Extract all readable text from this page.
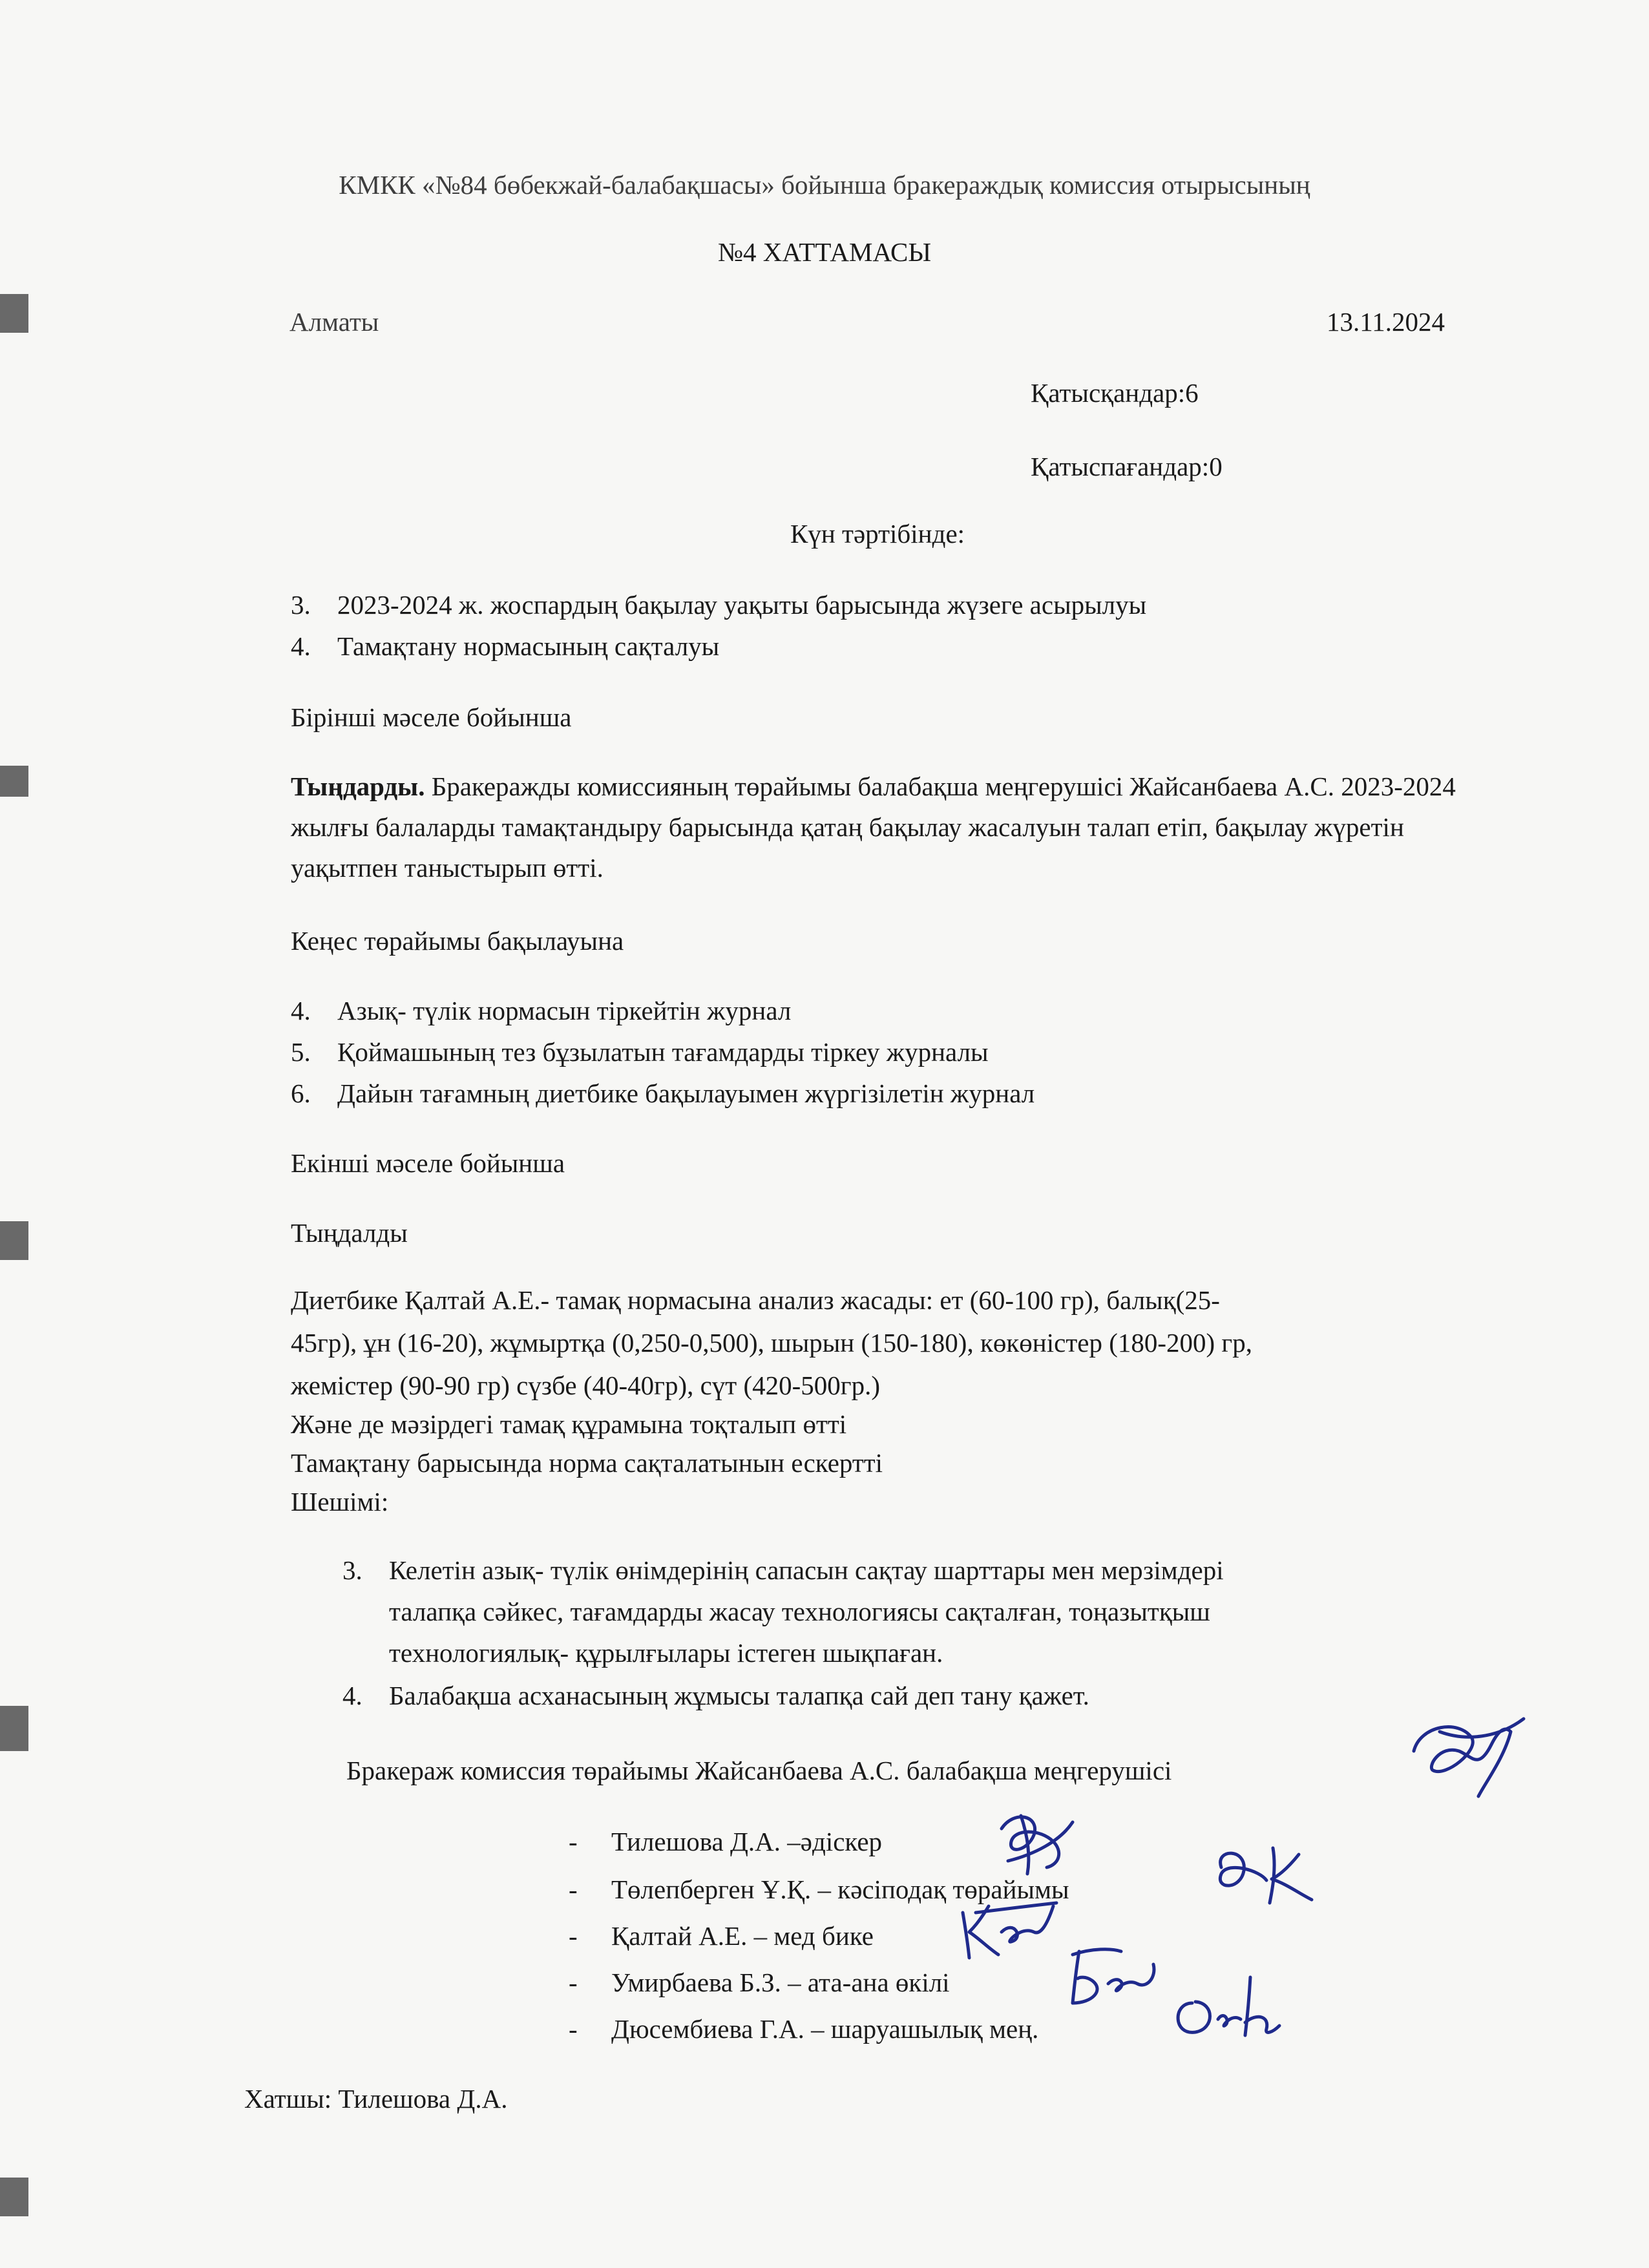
КМКК «№84 бөбекжай-балабақшасы» бойынша бракераждық комиссия отырысының
№4 ХАТТАМАСЫ
Алматы	13.11.2024
Қатысқандар:6
Қатыспағандар:0
Күн тәртібінде:
3. 2023-2024 ж. жоспардың бақылау уақыты барысында жүзеге асырылуы
4. Тамақтану нормасының сақталуы
Бірінші мәселе бойынша
Тыңдарды. Бракеражды комиссияның төрайымы балабақша меңгерушісі Жайсанбаева А.С. 2023-2024 жылғы балаларды тамақтандыру барысында қатаң бақылау жасалуын талап етіп, бақылау жүретін уақытпен таныстырып өтті.
Кеңес төрайымы бақылауына
4. Азық- түлік нормасын тіркейтін журнал
5. Қоймашының тез бұзылатын тағамдарды тіркеу журналы
6. Дайын тағамның диетбике бақылауымен жүргізілетін журнал
Екінші мәселе бойынша
Тыңдалды
Диетбике Қалтай А.Е.- тамақ нормасына анализ жасады: ет (60-100 гр), балық(25-
45гр), ұн (16-20), жұмыртқа (0,250-0,500), шырын (150-180), көкөністер (180-200) гр,
жемістер (90-90 гр) сүзбе (40-40гр), сүт (420-500гр.)
Және де мәзірдегі тамақ құрамына тоқталып өтті
Тамақтану барысында норма сақталатынын ескертті
Шешімі:
3. Келетін азық- түлік өнімдерінің сапасын сақтау шарттары мен мерзімдері
талапқа сәйкес, тағамдарды жасау технологиясы сақталған, тоңазытқыш
технологиялық- құрылғылары істеген шықпаған.
4. Балабақша асханасының жұмысы талапқа сай деп тану қажет.
Бракераж комиссия төрайымы Жайсанбаева А.С. балабақша меңгерушісі
- Тилешова Д.А. –әдіскер
- Төлепберген Ұ.Қ. – кәсіподақ төрайымы
- Қалтай А.Е. – мед бике
- Умирбаева Б.З. – ата-ана өкілі
- Дюсембиева Г.А. – шаруашылық мең.
Хатшы: Тилешова Д.А.
